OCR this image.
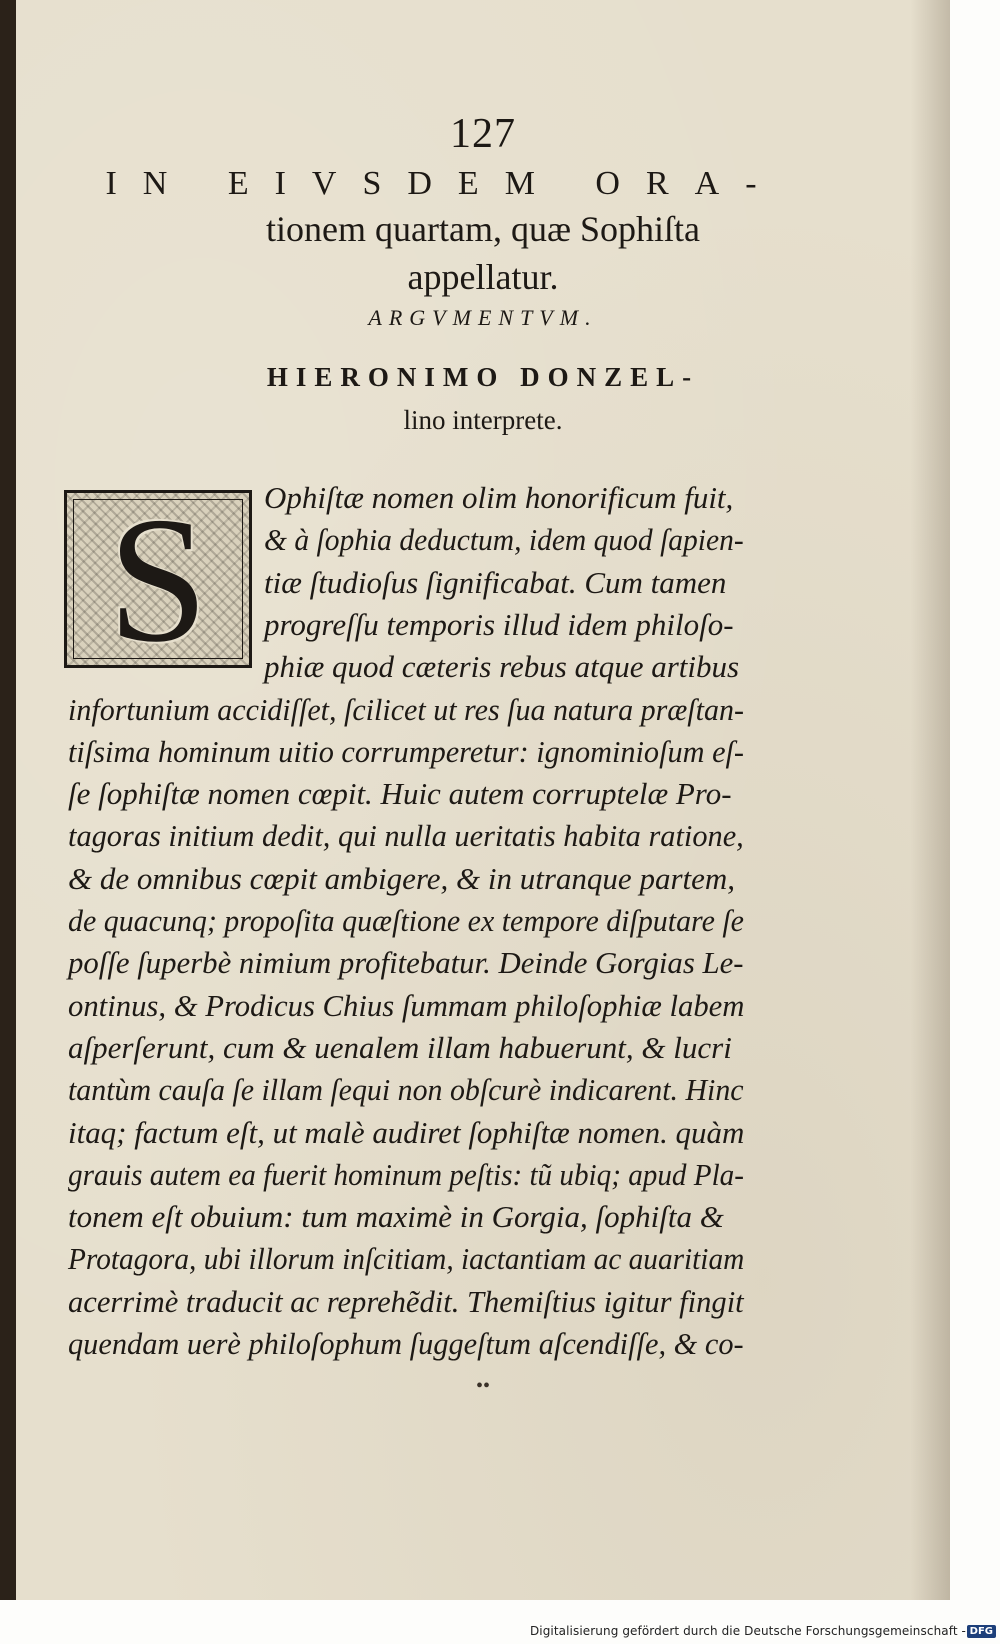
127
IN EIVSDEM ORA-
tionem quartam, quæ Sophiſta
appellatur.
ARGVMENTVM.
HIERONIMO DONZEL-
lino interprete.
S	Ophiſtæ nomen olim honorificum fuit,
& à ſophia deductum, idem quod ſapien-
tiæ ſtudioſus ſignificabat. Cum tamen
progreſſu temporis illud idem philoſo-
phiæ quod cæteris rebus atque artibus
infortunium accidiſſet, ſcilicet ut res ſua natura præſtan-
tiſsima hominum uitio corrumperetur: ignominioſum eſ-
ſe ſophiſtæ nomen cœpit. Huic autem corruptelæ Pro-
tagoras initium dedit, qui nulla ueritatis habita ratione,
& de omnibus cœpit ambigere, & in utranque partem,
de quacunq; propoſita quæſtione ex tempore diſputare ſe
poſſe ſuperbè nimium profitebatur. Deinde Gorgias Le-
ontinus, & Prodicus Chius ſummam philoſophiæ labem
aſperſerunt, cum & uenalem illam habuerunt, & lucri
tantùm cauſa ſe illam ſequi non obſcurè indicarent. Hinc
itaq; factum eſt, ut malè audiret ſophiſtæ nomen. quàm
grauis autem ea fuerit hominum peſtis: tũ ubiq; apud Pla-
tonem eſt obuium: tum maximè in Gorgia, ſophiſta &
Protagora, ubi illorum inſcitiam, iactantiam ac auaritiam
acerrimè traducit ac reprehẽdit. Themiſtius igitur fingit
quendam uerè philoſophum ſuggeſtum aſcendiſſe, & co-
••
Digitalisierung gefördert durch die Deutsche Forschungsgemeinschaft - DFG
